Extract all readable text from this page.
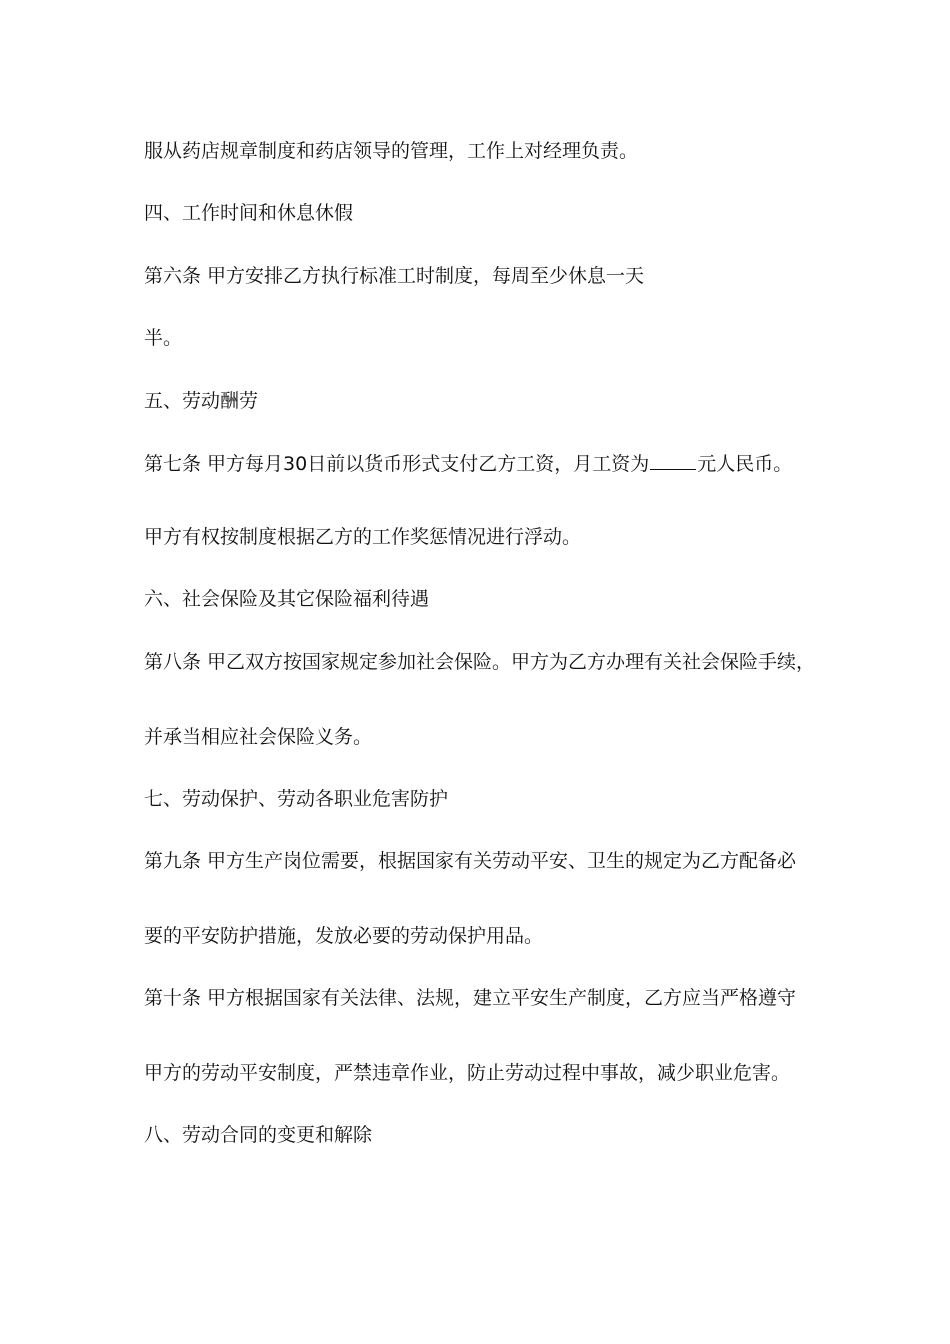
服从药店规章制度和药店领导的管理，工作上对经理负责。
四、工作时间和休息休假
第六条 甲方安排乙方执行标准工时制度，每周至少休息一天
半。
五、劳动酬劳
第七条 甲方每月30日前以货币形式支付乙方工资，月工资为	元人民币。
甲方有权按制度根据乙方的工作奖惩情况进行浮动。
六、社会保险及其它保险福利待遇
第八条 甲乙双方按国家规定参加社会保险。甲方为乙方办理有关社会保险手续，
并承当相应社会保险义务。
七、劳动保护、劳动各职业危害防护
第九条 甲方生产岗位需要，根据国家有关劳动平安、卫生的规定为乙方配备必
要的平安防护措施，发放必要的劳动保护用品。
第十条 甲方根据国家有关法律、法规，建立平安生产制度，乙方应当严格遵守
甲方的劳动平安制度，严禁违章作业，防止劳动过程中事故，减少职业危害。
八、劳动合同的变更和解除
